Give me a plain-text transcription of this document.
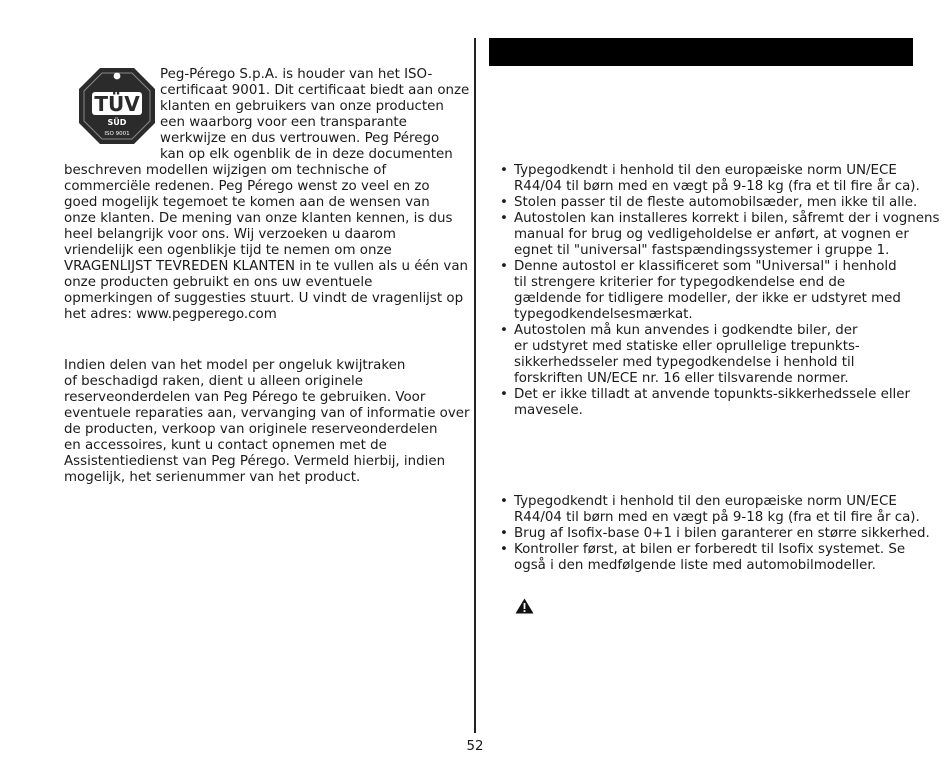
TÜV
SÜD
ISO 9001
Peg-Pérego S.p.A. is houder van het ISO-
certificaat 9001. Dit certificaat biedt aan onze
klanten en gebruikers van onze producten
een waarborg voor een transparante
werkwijze en dus vertrouwen. Peg Pérego
kan op elk ogenblik de in deze documenten
beschreven modellen wijzigen om technische of
commerciële redenen. Peg Pérego wenst zo veel en zo
goed mogelijk tegemoet te komen aan de wensen van
onze klanten. De mening van onze klanten kennen, is dus
heel belangrijk voor ons. Wij verzoeken u daarom
vriendelijk een ogenblikje tijd te nemen om onze
VRAGENLIJST TEVREDEN KLANTEN in te vullen als u één van
onze producten gebruikt en ons uw eventuele
opmerkingen of suggesties stuurt. U vindt de vragenlijst op
het adres: www.pegperego.com
Indien delen van het model per ongeluk kwijtraken
of beschadigd raken, dient u alleen originele
reserveonderdelen van Peg Pérego te gebruiken. Voor
eventuele reparaties aan, vervanging van of informatie over
de producten, verkoop van originele reserveonderdelen
en accessoires, kunt u contact opnemen met de
Assistentiedienst van Peg Pérego. Vermeld hierbij, indien
mogelijk, het serienummer van het product.
• Typegodkendt i henhold til den europæiske norm UN/ECE
R44/04 til børn med en vægt på 9-18 kg (fra et til fire år ca).
• Stolen passer til de fleste automobilsæder, men ikke til alle.
• Autostolen kan installeres korrekt i bilen, såfremt der i vognens
manual for brug og vedligeholdelse er anført, at vognen er
egnet til "universal" fastspændingssystemer i gruppe 1.
• Denne autostol er klassificeret som "Universal" i henhold
til strengere kriterier for typegodkendelse end de
gældende for tidligere modeller, der ikke er udstyret med
typegodkendelsesmærkat.
• Autostolen må kun anvendes i godkendte biler, der
er udstyret med statiske eller oprullelige trepunkts-
sikkerhedsseler med typegodkendelse i henhold til
forskriften UN/ECE nr. 16 eller tilsvarende normer.
• Det er ikke tilladt at anvende topunkts-sikkerhedssele eller
mavesele.
• Typegodkendt i henhold til den europæiske norm UN/ECE
R44/04 til børn med en vægt på 9-18 kg (fra et til fire år ca).
• Brug af Isofix-base 0+1 i bilen garanterer en større sikkerhed.
• Kontroller først, at bilen er forberedt til Isofix systemet. Se
også i den medfølgende liste med automobilmodeller.
52
